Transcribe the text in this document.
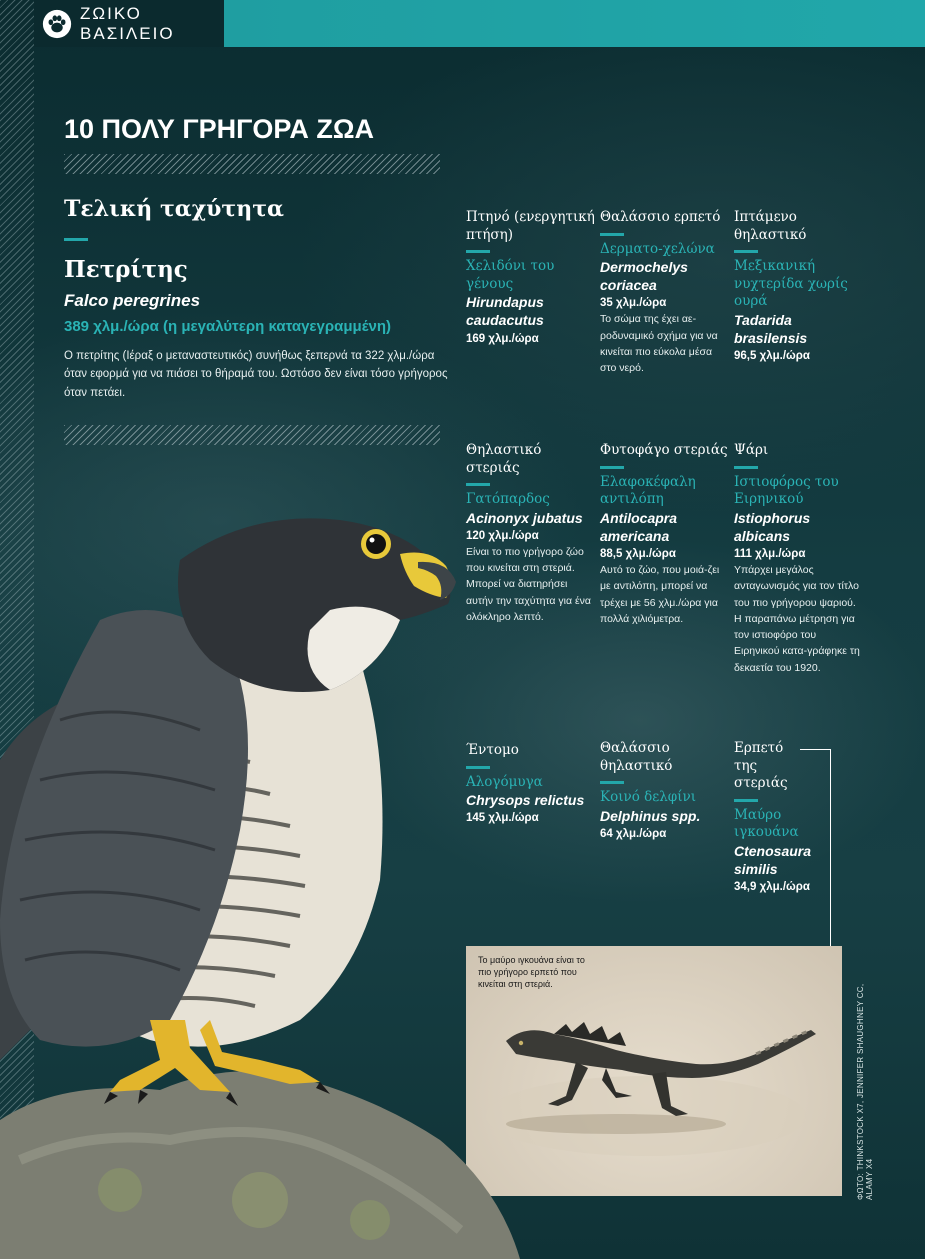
ΖΩΙΚΟ ΒΑΣΙΛΕΙΟ
10 ΠΟΛΥ ΓΡΗΓΟΡΑ ΖΩΑ
Τελική ταχύτητα
Πετρίτης
Falco peregrines
389 χλμ./ώρα (η μεγαλύτερη καταγεγραμμένη)

Ο πετρίτης (Ιέραξ ο μεταναστευτικός) συνήθως ξεπερνά τα 322 χλμ./ώρα όταν εφορμά για να πιάσει το θήραμά του. Ωστόσο δεν είναι τόσο γρήγορος όταν πετάει.

Πτηνό (ενεργητική πτήση)
Χελιδόνι του γένους
Hirundapus caudacutus
169 χλμ./ώρα
Θαλάσσιο ερπετό
Δερματο-χελώνα
Dermochelys coriacea
35 χλμ./ώρα
Το σώμα της έχει αε-ροδυναμικό σχήμα για να κινείται πιο εύκολα μέσα στο νερό.
Ιπτάμενο θηλαστικό
Μεξικανική νυχτερίδα χωρίς ουρά
Tadarida brasilensis
96,5 χλμ./ώρα
Θηλαστικό στεριάς
Γατόπαρδος
Acinonyx jubatus
120 χλμ./ώρα
Είναι το πιο γρήγορο ζώο που κινείται στη στεριά. Μπορεί να διατηρήσει αυτήν την ταχύτητα για ένα ολόκληρο λεπτό.
Φυτοφάγο στεριάς
Ελαφοκέφαλη αντιλόπη
Antilocapra americana
88,5 χλμ./ώρα
Αυτό το ζώο, που μοιά-ζει με αντιλόπη, μπορεί να τρέχει με 56 χλμ./ώρα για πολλά χιλιόμετρα.
Ψάρι
Ιστιοφόρος του Ειρηνικού
Istiophorus albicans
111 χλμ./ώρα
Υπάρχει μεγάλος ανταγωνισμός για τον τίτλο του πιο γρήγορου ψαριού. Η παραπάνω μέτρηση για τον ιστιοφόρο του Ειρηνικού κατα-γράφηκε τη δεκαετία του 1920.
Έντομο
Αλογόμυγα
Chrysops relictus
145 χλμ./ώρα
Θαλάσσιο θηλαστικό
Κοινό δελφίνι
Delphinus spp.
64 χλμ./ώρα
Ερπετό της στεριάς
Μαύρο ιγκουάνα
Ctenosaura similis
34,9 χλμ./ώρα
Το μαύρο ιγκουάνα είναι το πιο γρήγορο ερπετό που κινείται στη στεριά.	ΦΩΤΟ: THINKSTOCK X7, JENNIFER SHAUGHNEY CC, ALAMY X4
